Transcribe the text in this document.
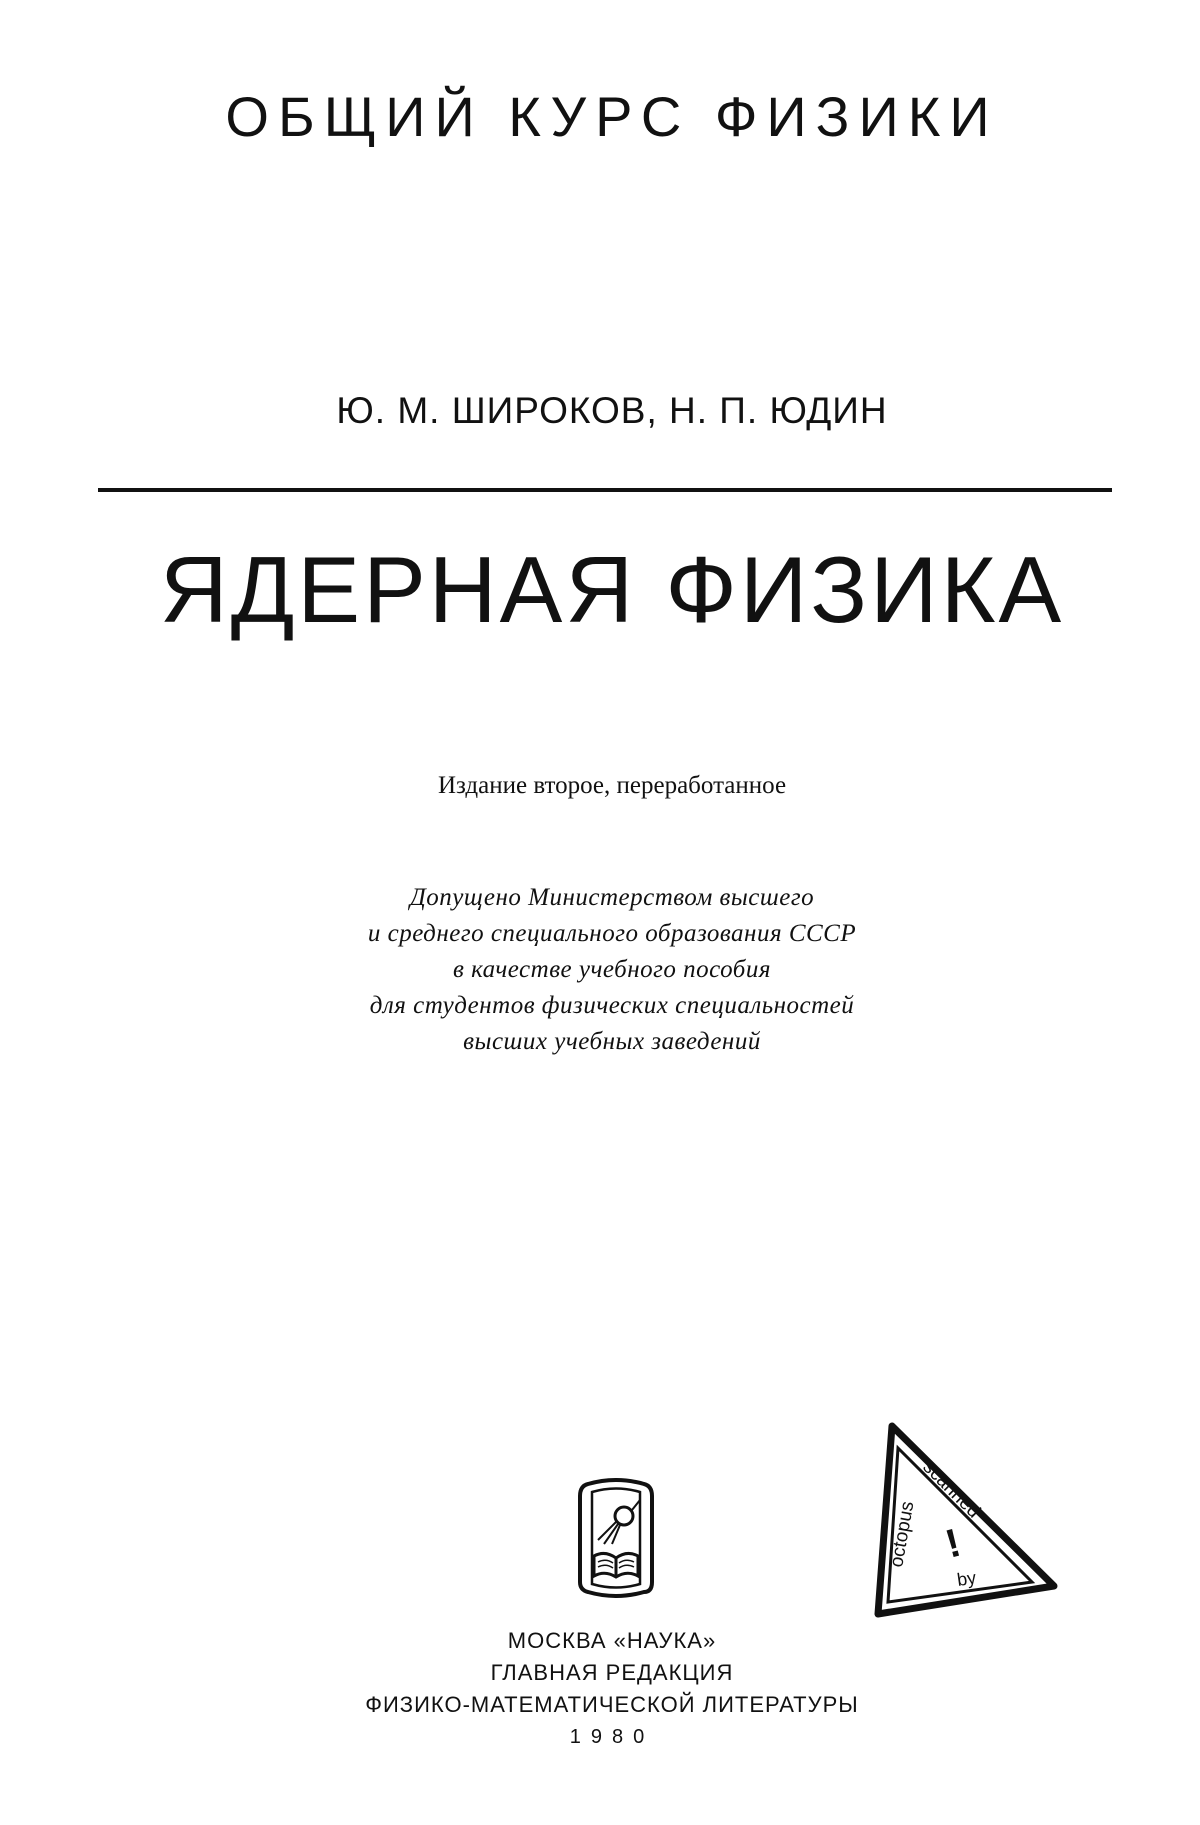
ОБЩИЙ КУРС ФИЗИКИ
Ю. М. ШИРОКОВ, Н. П. ЮДИН
ЯДЕРНАЯ ФИЗИКА
Издание второе, переработанное
Допущено Министерством высшего
и среднего специального образования СССР
в качестве учебного пособия
для студентов физических специальностей
высших учебных заведений
octopus
scanned
by
!
МОСКВА «НАУКА»
ГЛАВНАЯ РЕДАКЦИЯ
ФИЗИКО-МАТЕМАТИЧЕСКОЙ ЛИТЕРАТУРЫ
1980
